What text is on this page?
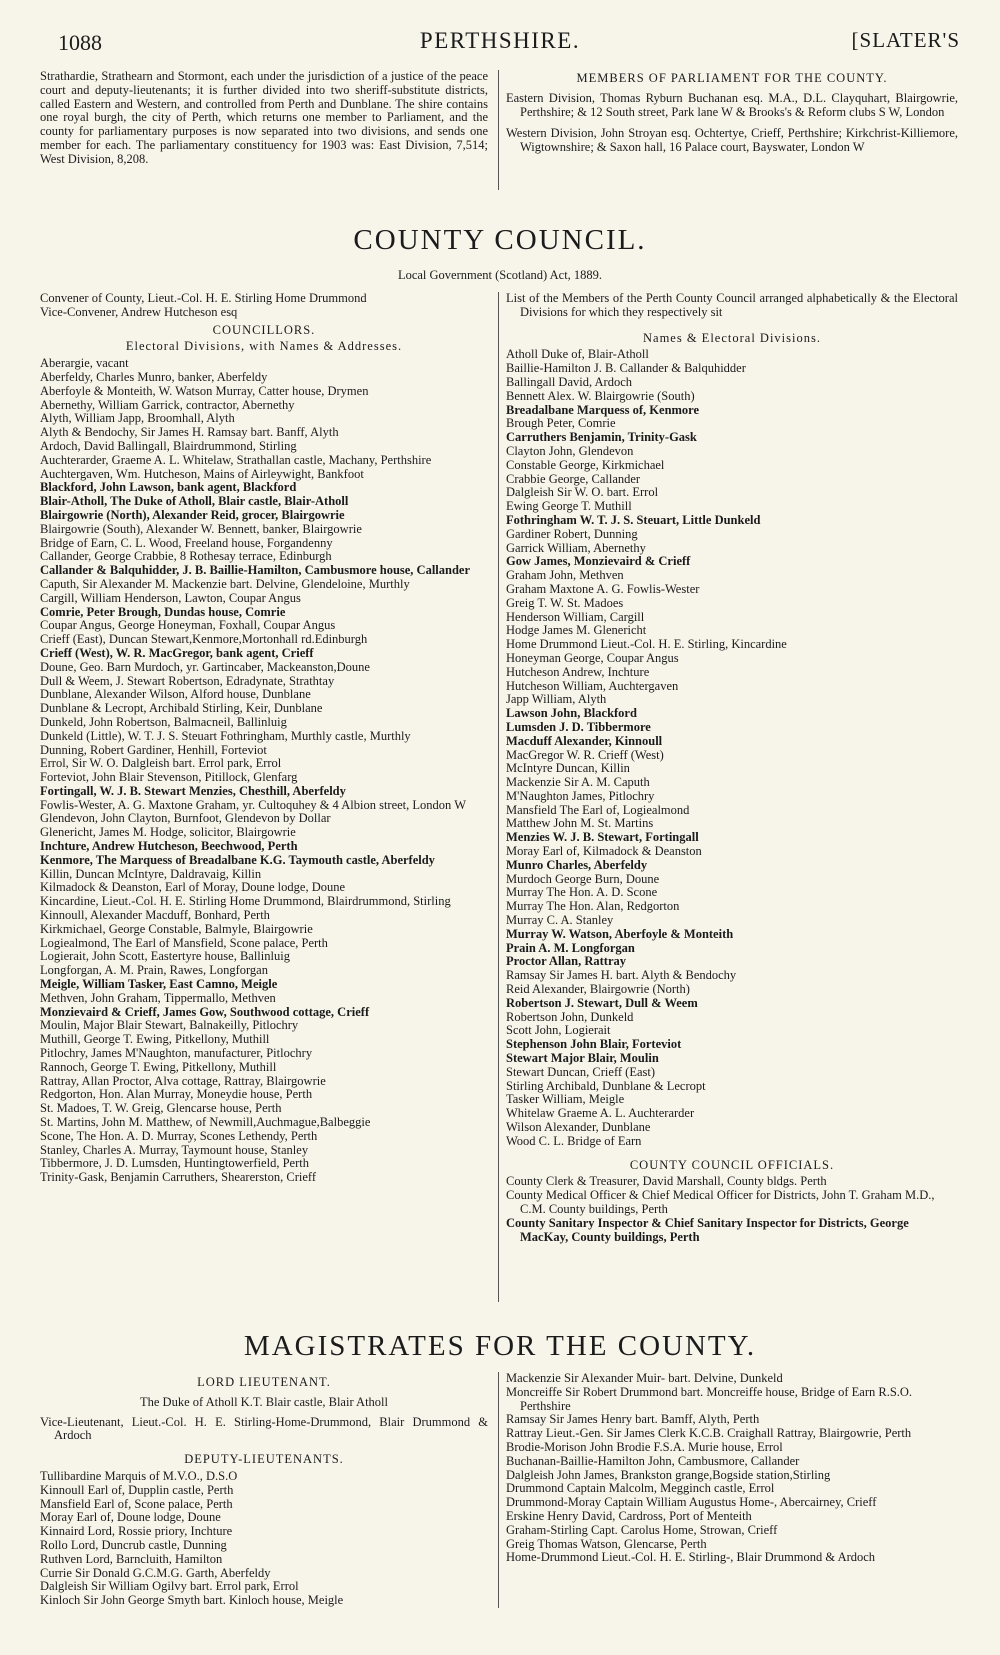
1088	PERTHSHIRE.	[SLATER'S

Strathardie, Strathearn and Stormont, each under the jurisdiction of a justice of the peace court and deputy-lieutenants; it is further divided into two sheriff-substitute districts, called Eastern and Western, and controlled from Perth and Dunblane. The shire contains one royal burgh, the city of Perth, which returns one member to Parliament, and the county for parliamentary purposes is now separated into two divisions, and sends one member for each. The parliamentary constituency for 1903 was: East Division, 7,514; West Division, 8,208.

MEMBERS OF PARLIAMENT FOR THE COUNTY.

Eastern Division, Thomas Ryburn Buchanan esq. M.A., D.L. Clayquhart, Blairgowrie, Perthshire; & 12 South street, Park lane W & Brooks's & Reform clubs S W, London

Western Division, John Stroyan esq. Ochtertye, Crieff, Perthshire; Kirkchrist-Killiemore, Wigtownshire; & Saxon hall, 16 Palace court, Bayswater, London W

COUNTY COUNCIL.
Local Government (Scotland) Act, 1889.

Convener of County, Lieut.-Col. H. E. Stirling Home Drummond

Vice-Convener, Andrew Hutcheson esq

COUNCILLORS.
Electoral Divisions, with Names & Addresses.

Aberargie, vacant

Aberfeldy, Charles Munro, banker, Aberfeldy

Aberfoyle & Monteith, W. Watson Murray, Catter house, Drymen

Abernethy, William Garrick, contractor, Abernethy

Alyth, William Japp, Broomhall, Alyth

Alyth & Bendochy, Sir James H. Ramsay bart. Banff, Alyth

Ardoch, David Ballingall, Blairdrummond, Stirling

Auchterarder, Graeme A. L. Whitelaw, Strathallan castle, Machany, Perthshire

Auchtergaven, Wm. Hutcheson, Mains of Airleywight, Bankfoot

Blackford, John Lawson, bank agent, Blackford

Blair-Atholl, The Duke of Atholl, Blair castle, Blair-Atholl

Blairgowrie (North), Alexander Reid, grocer, Blairgowrie

Blairgowrie (South), Alexander W. Bennett, banker, Blairgowrie

Bridge of Earn, C. L. Wood, Freeland house, Forgandenny

Callander, George Crabbie, 8 Rothesay terrace, Edinburgh

Callander & Balquhidder, J. B. Baillie-Hamilton, Cambusmore house, Callander

Caputh, Sir Alexander M. Mackenzie bart. Delvine, Glendeloine, Murthly

Cargill, William Henderson, Lawton, Coupar Angus

Comrie, Peter Brough, Dundas house, Comrie

Coupar Angus, George Honeyman, Foxhall, Coupar Angus

Crieff (East), Duncan Stewart,Kenmore,Mortonhall rd.Edinburgh

Crieff (West), W. R. MacGregor, bank agent, Crieff

Doune, Geo. Barn Murdoch, yr. Gartincaber, Mackeanston,Doune

Dull & Weem, J. Stewart Robertson, Edradynate, Strathtay

Dunblane, Alexander Wilson, Alford house, Dunblane

Dunblane & Lecropt, Archibald Stirling, Keir, Dunblane

Dunkeld, John Robertson, Balmacneil, Ballinluig

Dunkeld (Little), W. T. J. S. Steuart Fothringham, Murthly castle, Murthly

Dunning, Robert Gardiner, Henhill, Forteviot

Errol, Sir W. O. Dalgleish bart. Errol park, Errol

Forteviot, John Blair Stevenson, Pitillock, Glenfarg

Fortingall, W. J. B. Stewart Menzies, Chesthill, Aberfeldy

Fowlis-Wester, A. G. Maxtone Graham, yr. Cultoquhey & 4 Albion street, London W

Glendevon, John Clayton, Burnfoot, Glendevon by Dollar

Glenericht, James M. Hodge, solicitor, Blairgowrie

Inchture, Andrew Hutcheson, Beechwood, Perth

Kenmore, The Marquess of Breadalbane K.G. Taymouth castle, Aberfeldy

Killin, Duncan McIntyre, Daldravaig, Killin

Kilmadock & Deanston, Earl of Moray, Doune lodge, Doune

Kincardine, Lieut.-Col. H. E. Stirling Home Drummond, Blairdrummond, Stirling

Kinnoull, Alexander Macduff, Bonhard, Perth

Kirkmichael, George Constable, Balmyle, Blairgowrie

Logiealmond, The Earl of Mansfield, Scone palace, Perth

Logierait, John Scott, Eastertyre house, Ballinluig

Longforgan, A. M. Prain, Rawes, Longforgan

Meigle, William Tasker, East Camno, Meigle

Methven, John Graham, Tippermallo, Methven

Monzievaird & Crieff, James Gow, Southwood cottage, Crieff

Moulin, Major Blair Stewart, Balnakeilly, Pitlochry

Muthill, George T. Ewing, Pitkellony, Muthill

Pitlochry, James M'Naughton, manufacturer, Pitlochry

Rannoch, George T. Ewing, Pitkellony, Muthill

Rattray, Allan Proctor, Alva cottage, Rattray, Blairgowrie

Redgorton, Hon. Alan Murray, Moneydie house, Perth

St. Madoes, T. W. Greig, Glencarse house, Perth

St. Martins, John M. Matthew, of Newmill,Auchmague,Balbeggie

Scone, The Hon. A. D. Murray, Scones Lethendy, Perth

Stanley, Charles A. Murray, Taymount house, Stanley

Tibbermore, J. D. Lumsden, Huntingtowerfield, Perth

Trinity-Gask, Benjamin Carruthers, Shearerston, Crieff

List of the Members of the Perth County Council arranged alphabetically & the Electoral Divisions for which they respectively sit

Names & Electoral Divisions.

Atholl Duke of, Blair-Atholl

Baillie-Hamilton J. B. Callander & Balquhidder

Ballingall David, Ardoch

Bennett Alex. W. Blairgowrie (South)

Breadalbane Marquess of, Kenmore

Brough Peter, Comrie

Carruthers Benjamin, Trinity-Gask

Clayton John, Glendevon

Constable George, Kirkmichael

Crabbie George, Callander

Dalgleish Sir W. O. bart. Errol

Ewing George T. Muthill

Fothringham W. T. J. S. Steuart, Little Dunkeld

Gardiner Robert, Dunning

Garrick William, Abernethy

Gow James, Monzievaird & Crieff

Graham John, Methven

Graham Maxtone A. G. Fowlis-Wester

Greig T. W. St. Madoes

Henderson William, Cargill

Hodge James M. Glenericht

Home Drummond Lieut.-Col. H. E. Stirling, Kincardine

Honeyman George, Coupar Angus

Hutcheson Andrew, Inchture

Hutcheson William, Auchtergaven

Japp William, Alyth

Lawson John, Blackford

Lumsden J. D. Tibbermore

Macduff Alexander, Kinnoull

MacGregor W. R. Crieff (West)

McIntyre Duncan, Killin

Mackenzie Sir A. M. Caputh

M'Naughton James, Pitlochry

Mansfield The Earl of, Logiealmond

Matthew John M. St. Martins

Menzies W. J. B. Stewart, Fortingall

Moray Earl of, Kilmadock & Deanston

Munro Charles, Aberfeldy

Murdoch George Burn, Doune

Murray The Hon. A. D. Scone

Murray The Hon. Alan, Redgorton

Murray C. A. Stanley

Murray W. Watson, Aberfoyle & Monteith

Prain A. M. Longforgan

Proctor Allan, Rattray

Ramsay Sir James H. bart. Alyth & Bendochy

Reid Alexander, Blairgowrie (North)

Robertson J. Stewart, Dull & Weem

Robertson John, Dunkeld

Scott John, Logierait

Stephenson John Blair, Forteviot

Stewart Major Blair, Moulin

Stewart Duncan, Crieff (East)

Stirling Archibald, Dunblane & Lecropt

Tasker William, Meigle

Whitelaw Graeme A. L. Auchterarder

Wilson Alexander, Dunblane

Wood C. L. Bridge of Earn

COUNTY COUNCIL OFFICIALS.

County Clerk & Treasurer, David Marshall, County bldgs. Perth

County Medical Officer & Chief Medical Officer for Districts, John T. Graham M.D., C.M. County buildings, Perth

County Sanitary Inspector & Chief Sanitary Inspector for Districts, George MacKay, County buildings, Perth

MAGISTRATES FOR THE COUNTY.
LORD LIEUTENANT.

The Duke of Atholl K.T. Blair castle, Blair Atholl

Vice-Lieutenant, Lieut.-Col. H. E. Stirling-Home-Drummond, Blair Drummond & Ardoch

DEPUTY-LIEUTENANTS.

Tullibardine Marquis of M.V.O., D.S.O

Kinnoull Earl of, Dupplin castle, Perth

Mansfield Earl of, Scone palace, Perth

Moray Earl of, Doune lodge, Doune

Kinnaird Lord, Rossie priory, Inchture

Rollo Lord, Duncrub castle, Dunning

Ruthven Lord, Barncluith, Hamilton

Currie Sir Donald G.C.M.G. Garth, Aberfeldy

Dalgleish Sir William Ogilvy bart. Errol park, Errol

Kinloch Sir John George Smyth bart. Kinloch house, Meigle

Mackenzie Sir Alexander Muir- bart. Delvine, Dunkeld

Moncreiffe Sir Robert Drummond bart. Moncreiffe house, Bridge of Earn R.S.O. Perthshire

Ramsay Sir James Henry bart. Bamff, Alyth, Perth

Rattray Lieut.-Gen. Sir James Clerk K.C.B. Craighall Rattray, Blairgowrie, Perth

Brodie-Morison John Brodie F.S.A. Murie house, Errol

Buchanan-Baillie-Hamilton John, Cambusmore, Callander

Dalgleish John James, Brankston grange,Bogside station,Stirling

Drummond Captain Malcolm, Megginch castle, Errol

Drummond-Moray Captain William Augustus Home-, Abercairney, Crieff

Erskine Henry David, Cardross, Port of Menteith

Graham-Stirling Capt. Carolus Home, Strowan, Crieff

Greig Thomas Watson, Glencarse, Perth

Home-Drummond Lieut.-Col. H. E. Stirling-, Blair Drummond & Ardoch
